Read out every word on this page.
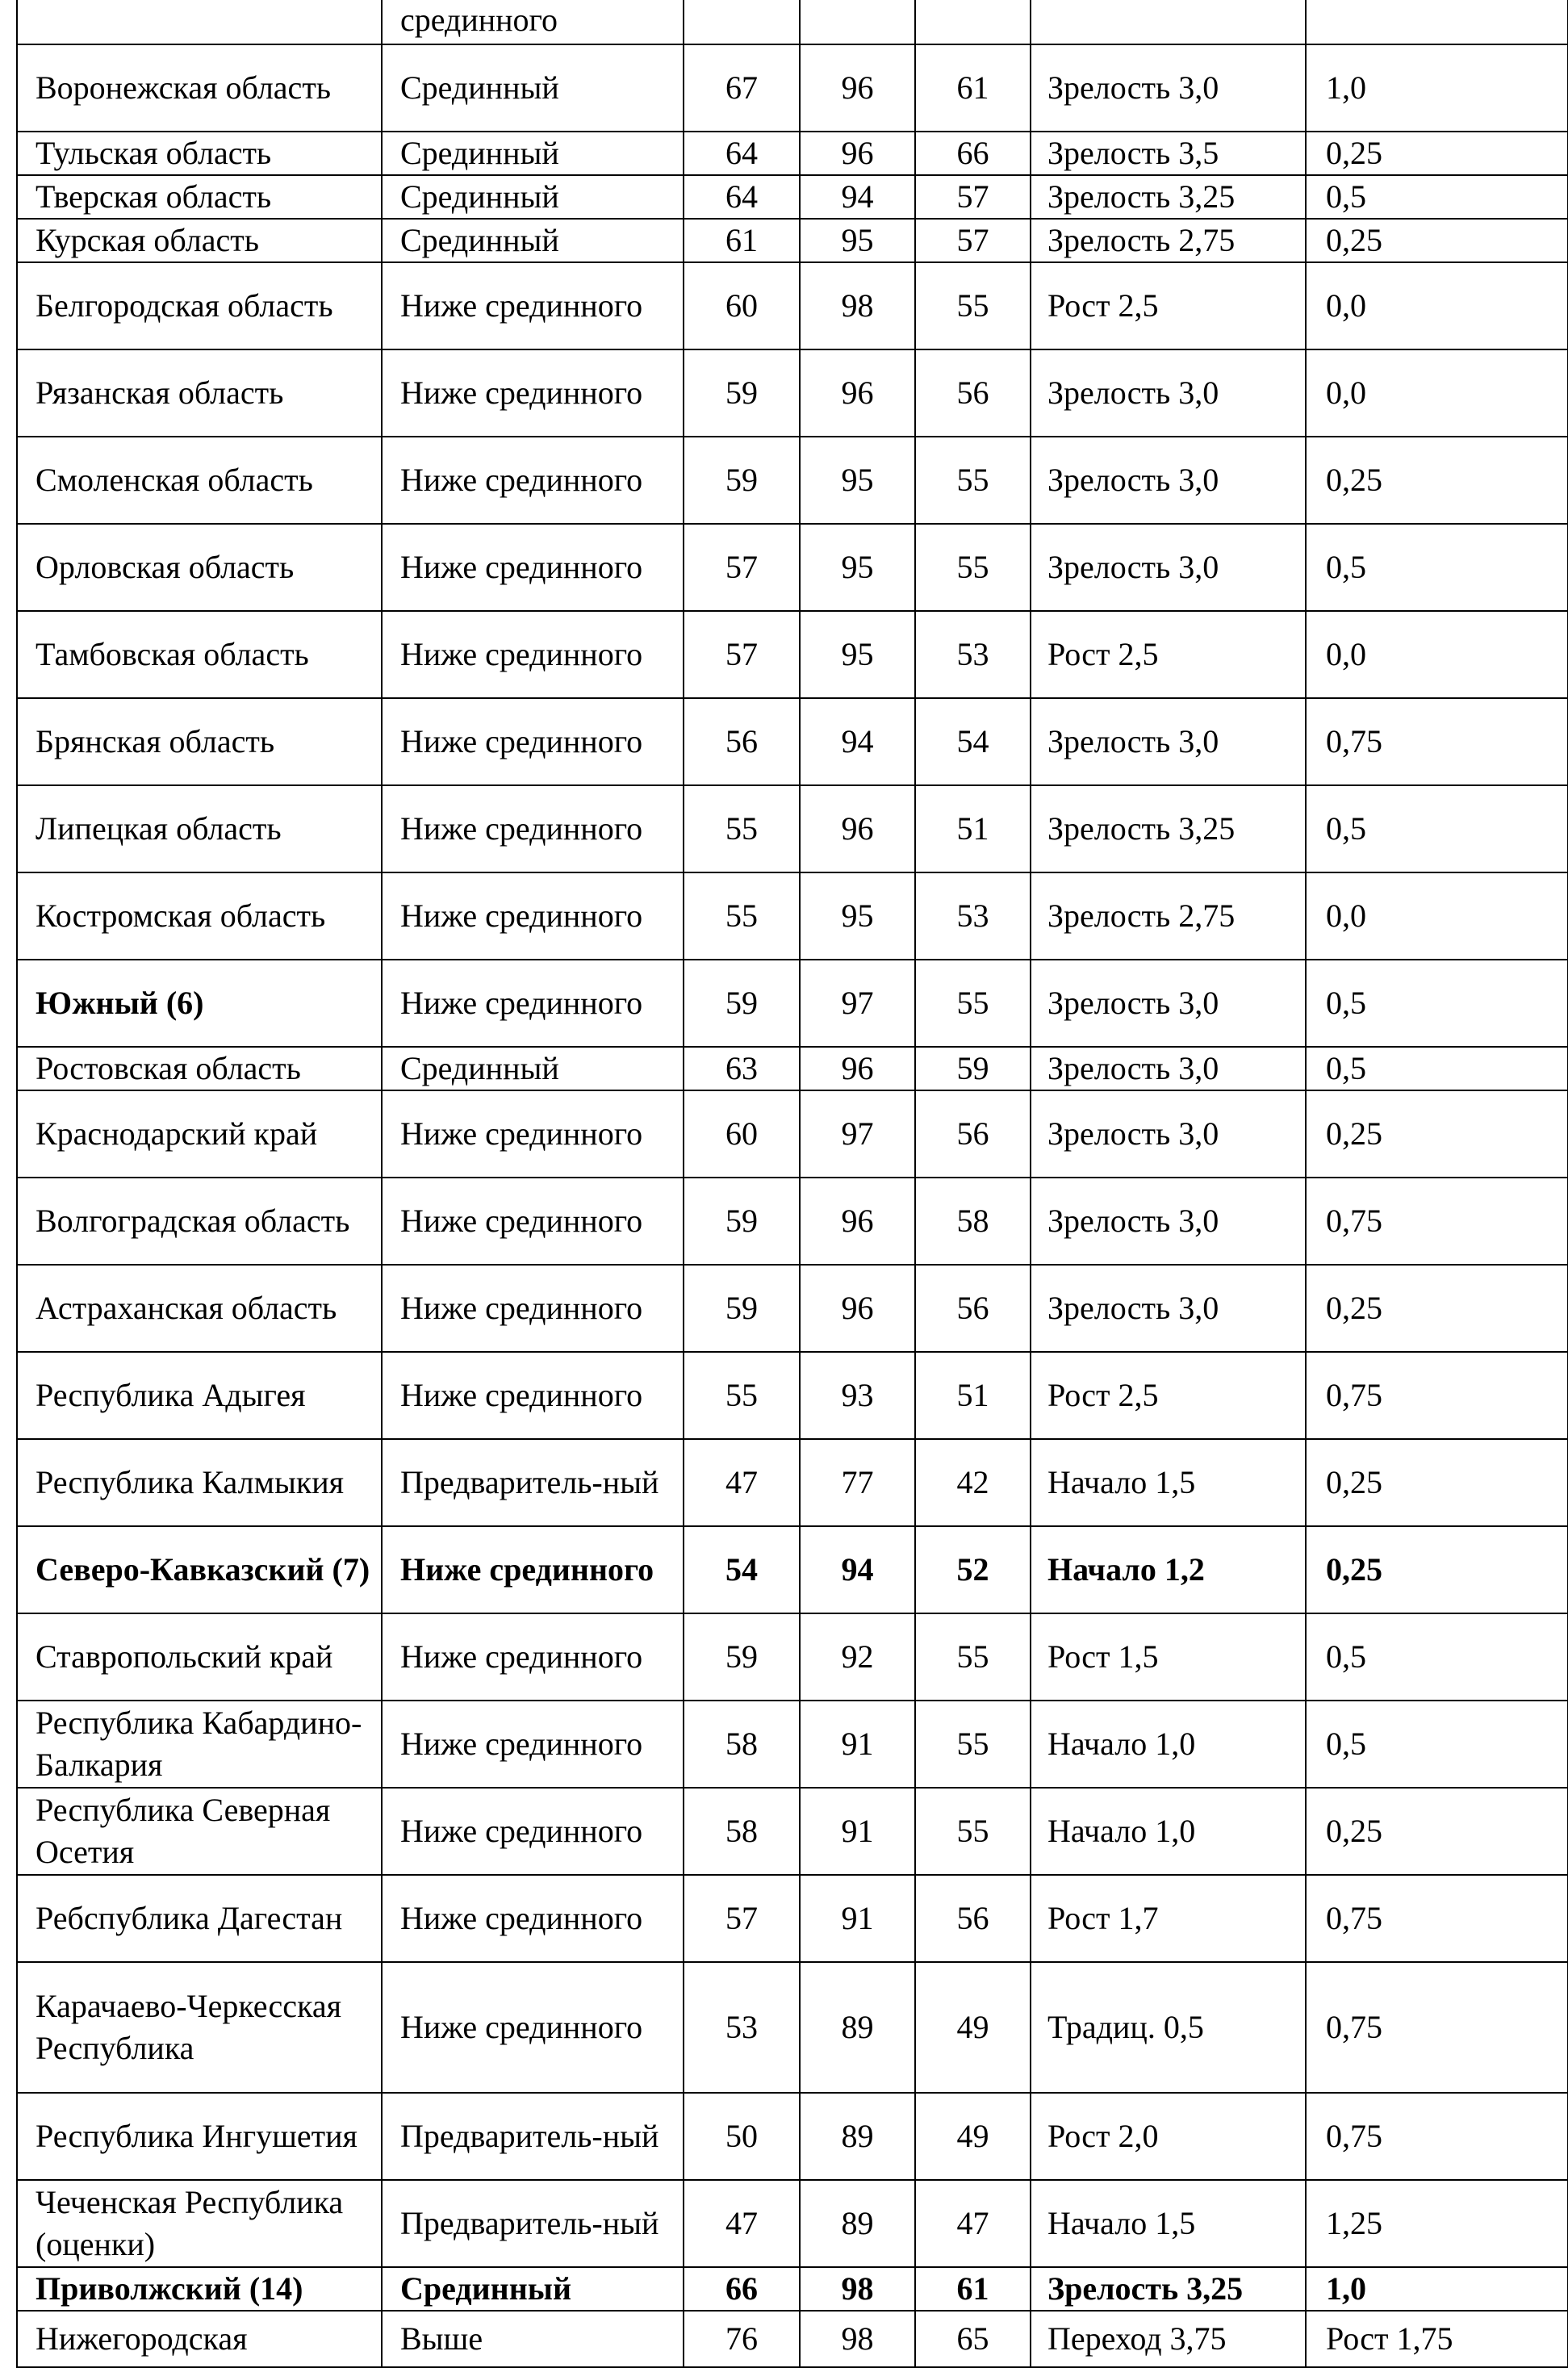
	срединного					
Воронежская область	Срединный	67	96	61	Зрелость 3,0	1,0
Тульская область	Срединный	64	96	66	Зрелость 3,5	0,25
Тверская область	Срединный	64	94	57	Зрелость 3,25	0,5
Курская область	Срединный	61	95	57	Зрелость 2,75	0,25
Белгородская область	Ниже срединного	60	98	55	Рост 2,5	0,0
Рязанская область	Ниже срединного	59	96	56	Зрелость 3,0	0,0
Смоленская область	Ниже срединного	59	95	55	Зрелость 3,0	0,25
Орловская область	Ниже срединного	57	95	55	Зрелость 3,0	0,5
Тамбовская область	Ниже срединного	57	95	53	Рост 2,5	0,0
Брянская область	Ниже срединного	56	94	54	Зрелость 3,0	0,75
Липецкая область	Ниже срединного	55	96	51	Зрелость 3,25	0,5
Костромская область	Ниже срединного	55	95	53	Зрелость 2,75	0,0
Южный (6)	Ниже срединного	59	97	55	Зрелость 3,0	0,5
Ростовская область	Срединный	63	96	59	Зрелость 3,0	0,5
Краснодарский край	Ниже срединного	60	97	56	Зрелость 3,0	0,25
Волгоградская область	Ниже срединного	59	96	58	Зрелость 3,0	0,75
Астраханская область	Ниже срединного	59	96	56	Зрелость 3,0	0,25
Республика Адыгея	Ниже срединного	55	93	51	Рост 2,5	0,75
Республика Калмыкия	Предваритель-ный	47	77	42	Начало 1,5	0,25
Северо-Кавказский (7)	Ниже срединного	54	94	52	Начало 1,2	0,25
Ставропольский край	Ниже срединного	59	92	55	Рост 1,5	0,5
Республика Кабардино-Балкария	Ниже срединного	58	91	55	Начало 1,0	0,5
Республика Северная Осетия	Ниже срединного	58	91	55	Начало 1,0	0,25
Ребспублика Дагестан	Ниже срединного	57	91	56	Рост 1,7	0,75
Карачаево-Черкесская Республика	Ниже срединного	53	89	49	Традиц. 0,5	0,75
Республика Ингушетия	Предваритель-ный	50	89	49	Рост 2,0	0,75
Чеченская Республика (оценки)	Предваритель-ный	47	89	47	Начало 1,5	1,25
Приволжский (14)	Срединный	66	98	61	Зрелость 3,25	1,0
Нижегородская	Выше	76	98	65	Переход 3,75	Рост 1,75
